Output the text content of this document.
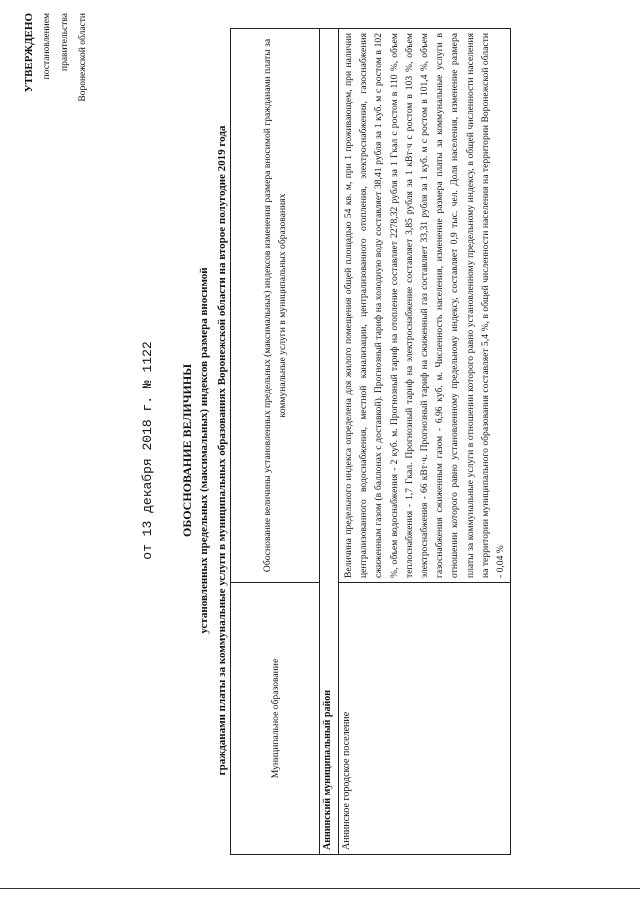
УТВЕРЖДЕНО постановлением правительства Воронежской области
от 13 декабря 2018 г. № 1122 ОБОСНОВАНИЕ ВЕЛИЧИНЫ установленных предельных (максимальных) индексов размера вносимой гражданами платы за коммунальные услуги в муниципальных образованиях Воронежской области на второе полугодие 2019 года	Муниципальное образование	Обоснование величины установленных предельных (максимальных) индексов изменения размера вносимой гражданами платы за коммунальные услуги в муниципальных образованиях
Аннинский муниципальный район	
Аннинское городское поселение	Величина предельного индекса определена для жилого помещения общей площадью 54 кв. м, при 1 проживающем, при наличии централизованного водоснабжения, местной канализации, централизованного отопления, электроснабжения, газоснабжения сжиженным газом (в баллонах с доставкой). Прогнозный тариф на холодную воду составляет 38,41 рубля за 1 куб. м с ростом в 102 %, объем водоснабжения - 2 куб. м. Прогнозный тариф на отопление составляет 2278,32 рубля за 1 Гкал с ростом в 110 %, объем теплоснабжения - 1,7 Гкал. Прогнозный тариф на электроснабжение составляет 3,85 рубля за 1 кВт·ч с ростом в 103 %, объем электроснабжения - 66 кВт·ч. Прогнозный тариф на сжиженный газ составляет 33,31 рубля за 1 куб. м с ростом в 101,4 %, объем газоснабжения сжиженным газом - 6,96 куб. м. Численность населения, изменение размера платы за коммунальные услуги в отношении которого равно установленному предельному индексу, составляет 0,9 тыс. чел. Доля населения, изменение размера платы за коммунальные услуги в отношении которого равно установленному предельному индексу, в общей численности населения на территории муниципального образования составляет 5,4 %, в общей численности населения на территории Воронежской области - 0,04 %
